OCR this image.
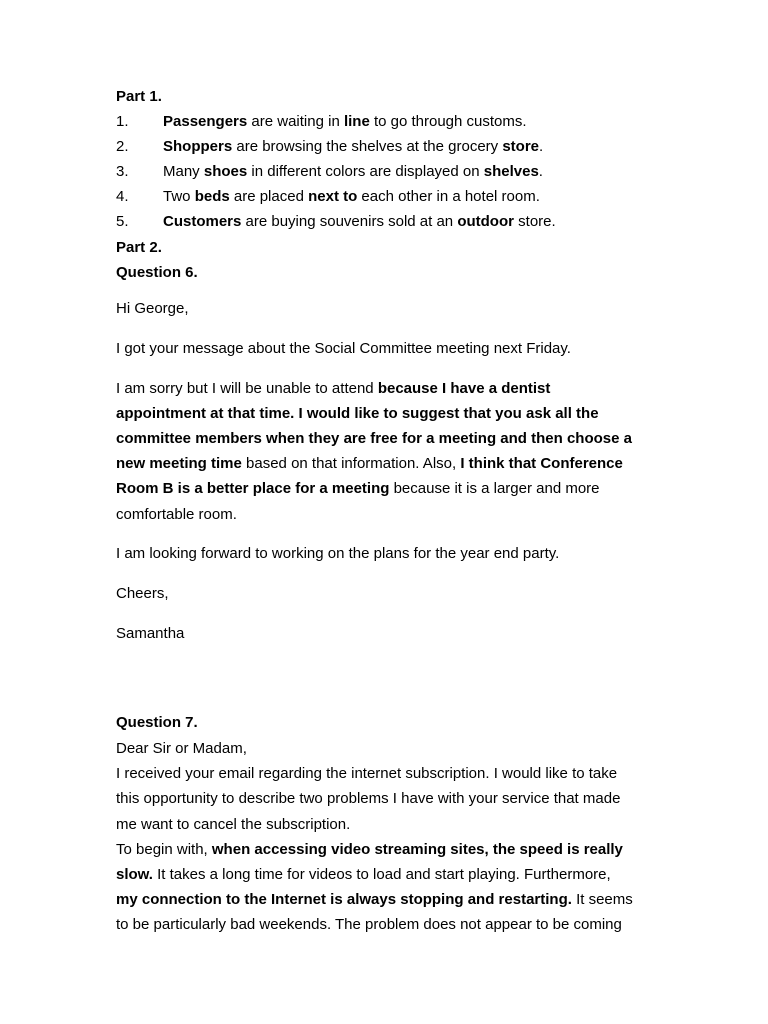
Part 1.
1. Passengers are waiting in line to go through customs.
2. Shoppers are browsing the shelves at the grocery store.
3. Many shoes in different colors are displayed on shelves.
4. Two beds are placed next to each other in a hotel room.
5. Customers are buying souvenirs sold at an outdoor store.
Part 2.
Question 6.
Hi George,
I got your message about the Social Committee meeting next Friday.
I am sorry but I will be unable to attend because I have a dentist
appointment at that time. I would like to suggest that you ask all the
committee members when they are free for a meeting and then choose a
new meeting time based on that information. Also, I think that Conference
Room B is a better place for a meeting because it is a larger and more
comfortable room.
I am looking forward to working on the plans for the year end party.
Cheers,
Samantha
Question 7.
Dear Sir or Madam,
I received your email regarding the internet subscription. I would like to take
this opportunity to describe two problems I have with your service that made
me want to cancel the subscription.
To begin with, when accessing video streaming sites, the speed is really
slow. It takes a long time for videos to load and start playing. Furthermore,
my connection to the Internet is always stopping and restarting. It seems
to be particularly bad weekends. The problem does not appear to be coming
